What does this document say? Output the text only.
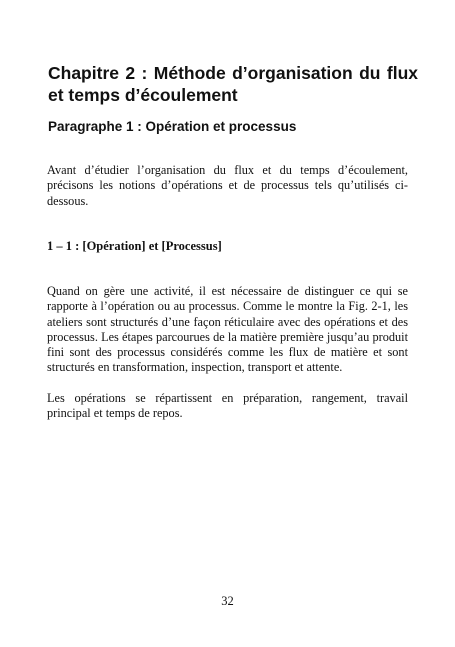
Chapitre 2 : Méthode d’organisation du flux et temps d’écoulement
Paragraphe 1 : Opération et processus

Avant d’étudier l’organisation du flux et du temps d’écoulement, précisons les notions d’opérations et de processus tels qu’utilisés ci-dessous.

1 – 1 : [Opération] et [Processus]

Quand on gère une activité, il est nécessaire de distinguer ce qui se rapporte à l’opération ou au processus. Comme le montre la Fig. 2-1, les ateliers sont structurés d’une façon réticulaire avec des opérations et des processus. Les étapes parcourues de la matière première jusqu’au produit fini sont des processus considérés comme les flux de matière et sont structurés en transformation, inspection, transport et attente.

Les opérations se répartissent en préparation, rangement, travail principal et temps de repos.

32
